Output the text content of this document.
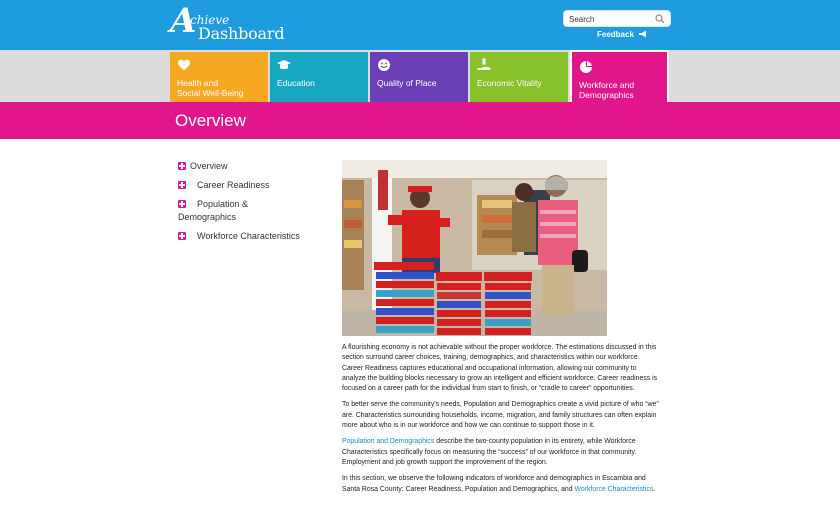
A
chieve
Dashboard
Search	Feedback
Health and
Social Well-Being
Education	Quality of Place	Economic Vitality	Workforce and
Demographics
Overview
Overview
Career Readiness
Population &
Demographics
Workforce Characteristics

A flourishing economy is not achievable without the proper workforce. The estimations discussed in this section surround career choices, training, demographics, and characteristics within our workforce. Career Readiness captures educational and occupational information, allowing our community to analyze the building blocks necessary to grow an intelligent and efficient workforce. Career readiness is focused on a career path for the individual from start to finish, or “cradle to career” opportunities.

To better serve the community’s needs, Population and Demographics create a vivid picture of who “we” are. Characteristics surrounding households, income, migration, and family structures can often explain more about who is in our workforce and how we can continue to support those in it.

Population and Demographics describe the two-county population in its entirety, while Workforce Characteristics specifically focus on measuring the “success” of our workforce in that community. Employment and job growth support the improvement of the region.

In this section, we observe the following indicators of workforce and demographics in Escambia and Santa Rosa County: Career Readiness, Population and Demographics, and Workforce Characteristics.
